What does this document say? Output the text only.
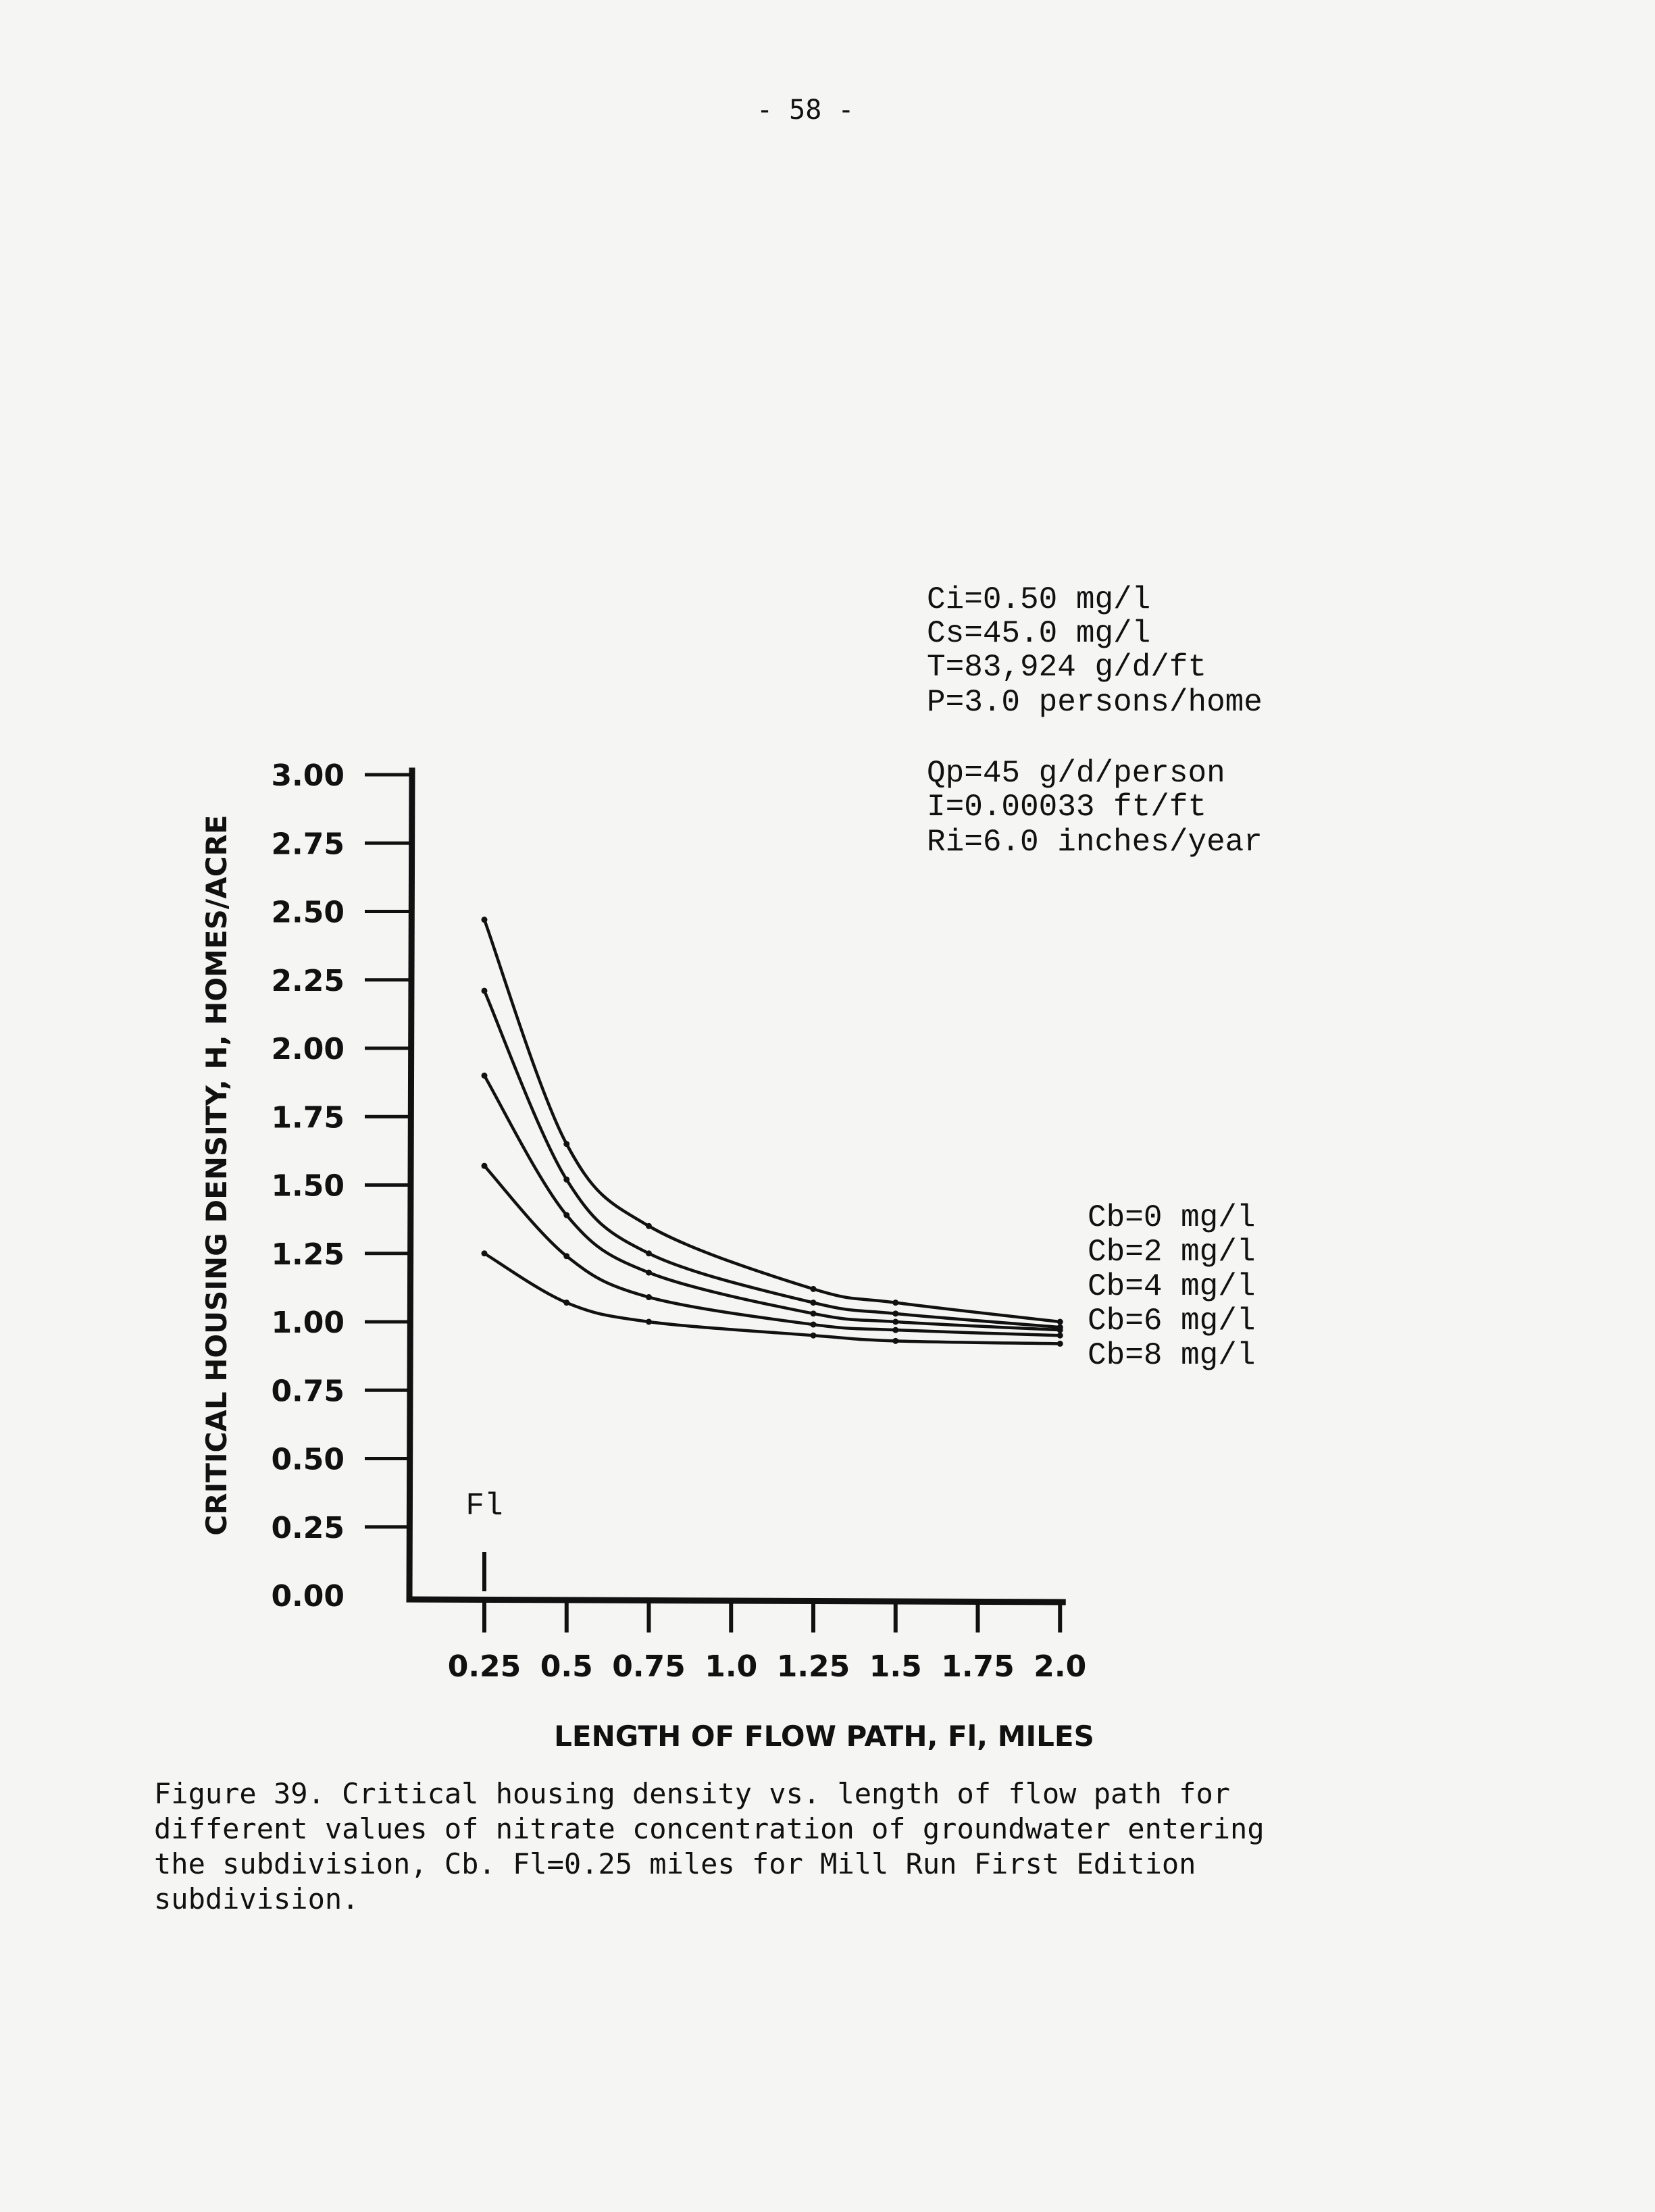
- 58 -
0.00
0.25
0.50
0.75
1.00
1.25
1.50
1.75
2.00
2.25
2.50
2.75
3.00
0.25 0.5 0.75 1.0 1.25 1.5 1.75 2.0
Ci=0.50 mg/l
Cs=45.0 mg/l
T=83,924 g/d/ft
P=3.0 persons/home
Qp=45 g/d/person
I=0.00033 ft/ft
Ri=6.0 inches/year
Cb=0 mg/l
Cb=2 mg/l
Cb=4 mg/l
Cb=6 mg/l
Cb=8 mg/l
Fl
CRITICAL HOUSING DENSITY, H, HOMES/ACRE
LENGTH OF FLOW PATH, Fl, MILES
Figure 39. Critical housing density vs. length of flow path for
different values of nitrate concentration of groundwater entering
the subdivision, Cb. Fl=0.25 miles for Mill Run First Edition
subdivision.
